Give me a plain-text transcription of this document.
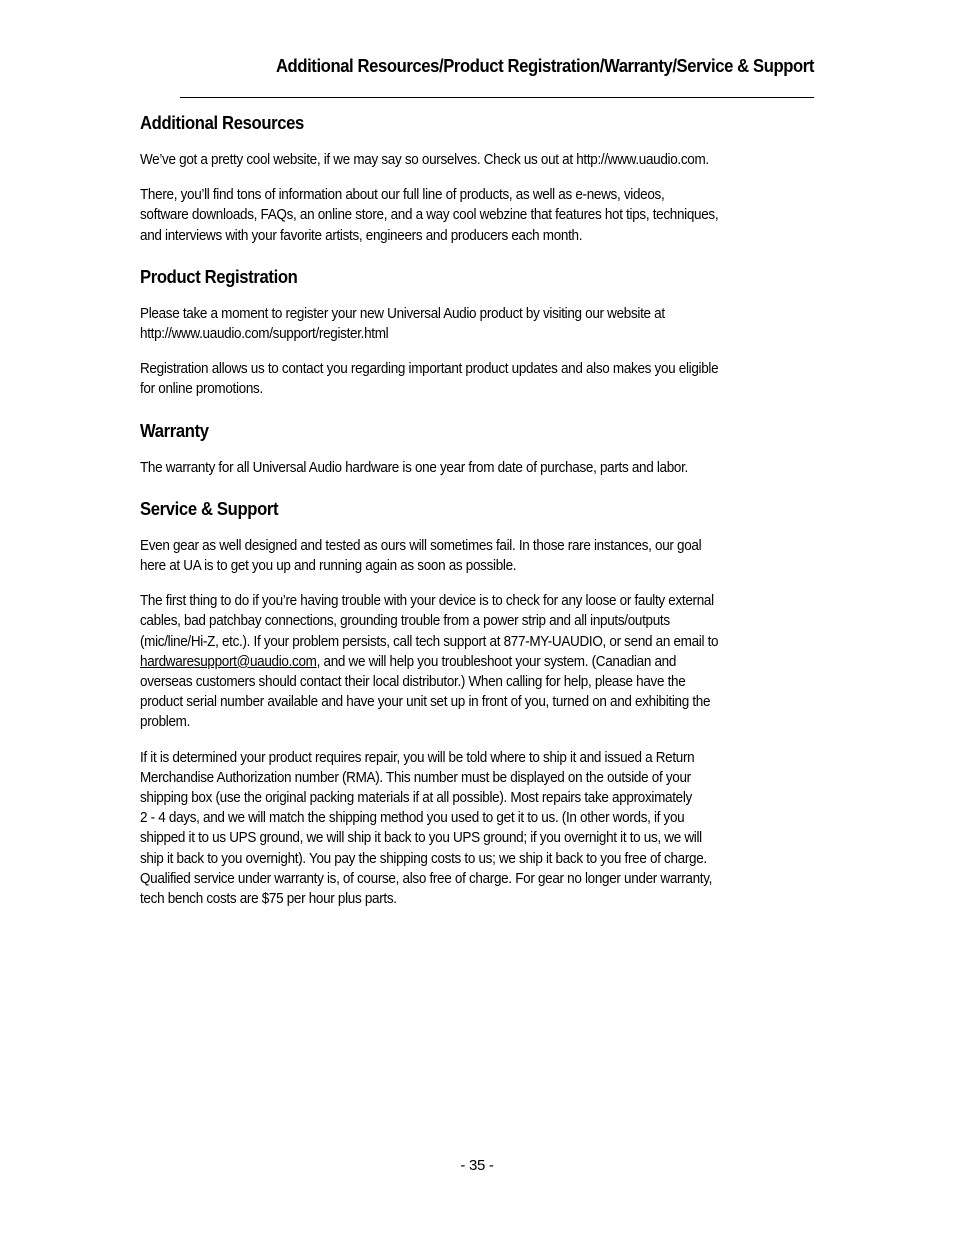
Additional Resources/Product Registration/Warranty/Service & Support
Additional Resources

We’ve got a pretty cool website, if we may say so ourselves. Check us out at http://www.uaudio.com.

There, you’ll find tons of information about our full line of products, as well as e-news, videos,
software downloads, FAQs, an online store, and a way cool webzine that features hot tips, techniques,
and interviews with your favorite artists, engineers and producers each month.

Product Registration

Please take a moment to register your new Universal Audio product by visiting our website at
http://www.uaudio.com/support/register.html

Registration allows us to contact you regarding important product updates and also makes you eligible
for online promotions.

Warranty

The warranty for all Universal Audio hardware is one year from date of purchase, parts and labor.

Service & Support

Even gear as well designed and tested as ours will sometimes fail. In those rare instances, our goal
here at UA is to get you up and running again as soon as possible.

The first thing to do if you’re having trouble with your device is to check for any loose or faulty external
cables, bad patchbay connections, grounding trouble from a power strip and all inputs/outputs
(mic/line/Hi-Z, etc.). If your problem persists, call tech support at 877-MY-UAUDIO, or send an email to
hardwaresupport@uaudio.com, and we will help you troubleshoot your system. (Canadian and
overseas customers should contact their local distributor.) When calling for help, please have the
product serial number available and have your unit set up in front of you, turned on and exhibiting the
problem.

If it is determined your product requires repair, you will be told where to ship it and issued a Return
Merchandise Authorization number (RMA). This number must be displayed on the outside of your
shipping box (use the original packing materials if at all possible). Most repairs take approximately
2 - 4 days, and we will match the shipping method you used to get it to us. (In other words, if you
shipped it to us UPS ground, we will ship it back to you UPS ground; if you overnight it to us, we will
ship it back to you overnight). You pay the shipping costs to us; we ship it back to you free of charge.
Qualified service under warranty is, of course, also free of charge. For gear no longer under warranty,
tech bench costs are $75 per hour plus parts.

- 35 -
